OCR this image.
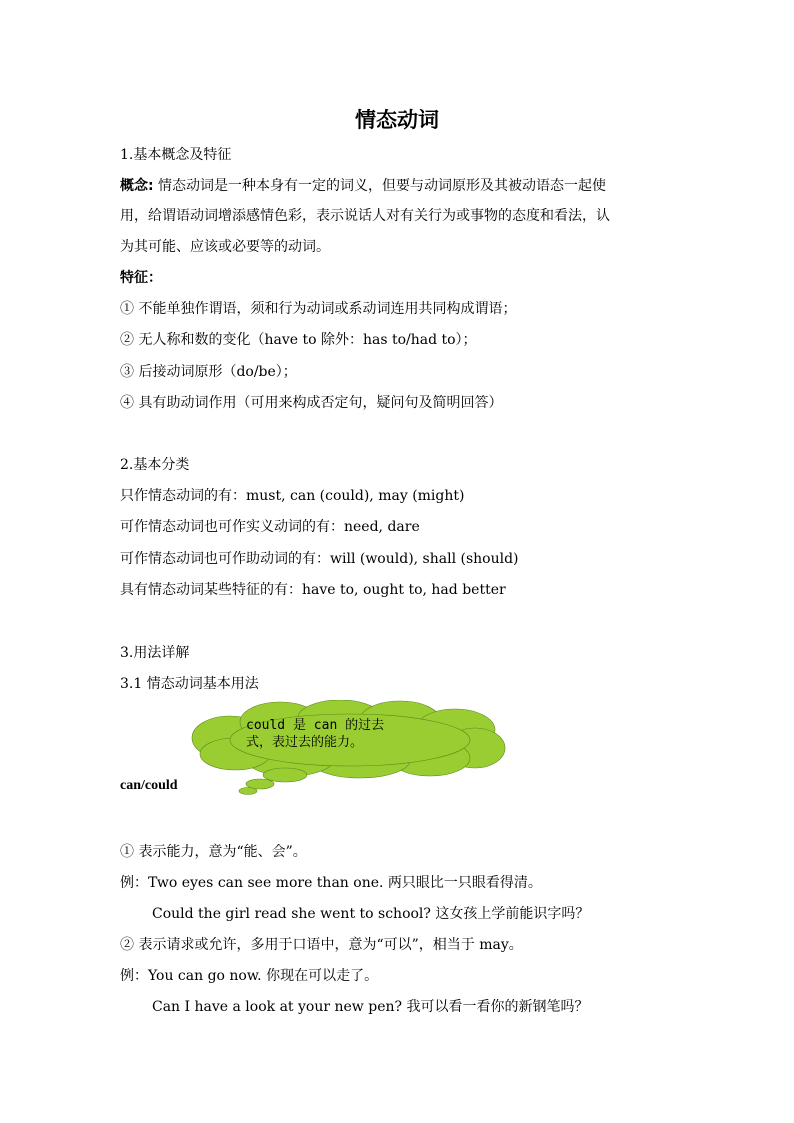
情态动词
1.基本概念及特征
概念: 情态动词是一种本身有一定的词义，但要与动词原形及其被动语态一起使
用，给谓语动词增添感情色彩，表示说话人对有关行为或事物的态度和看法，认
为其可能、应该或必要等的动词。
特征：
① 不能单独作谓语，须和行为动词或系动词连用共同构成谓语；
② 无人称和数的变化（have to 除外：has to/had to）；
③ 后接动词原形（do/be）；
④ 具有助动词作用（可用来构成否定句，疑问句及简明回答）
2.基本分类
只作情态动词的有：must, can (could), may (might)
可作情态动词也可作实义动词的有：need, dare
可作情态动词也可作助动词的有：will (would), shall (should)
具有情态动词某些特征的有：have to, ought to, had better
3.用法详解
3.1 情态动词基本用法
could 是 can 的过去
式，表过去的能力。
can/could
① 表示能力，意为“能、会”。
例：Two eyes can see more than one. 两只眼比一只眼看得清。
Could the girl read she went to school? 这女孩上学前能识字吗？
② 表示请求或允许，多用于口语中，意为“可以”，相当于 may。
例：You can go now. 你现在可以走了。
Can I have a look at your new pen? 我可以看一看你的新钢笔吗？
